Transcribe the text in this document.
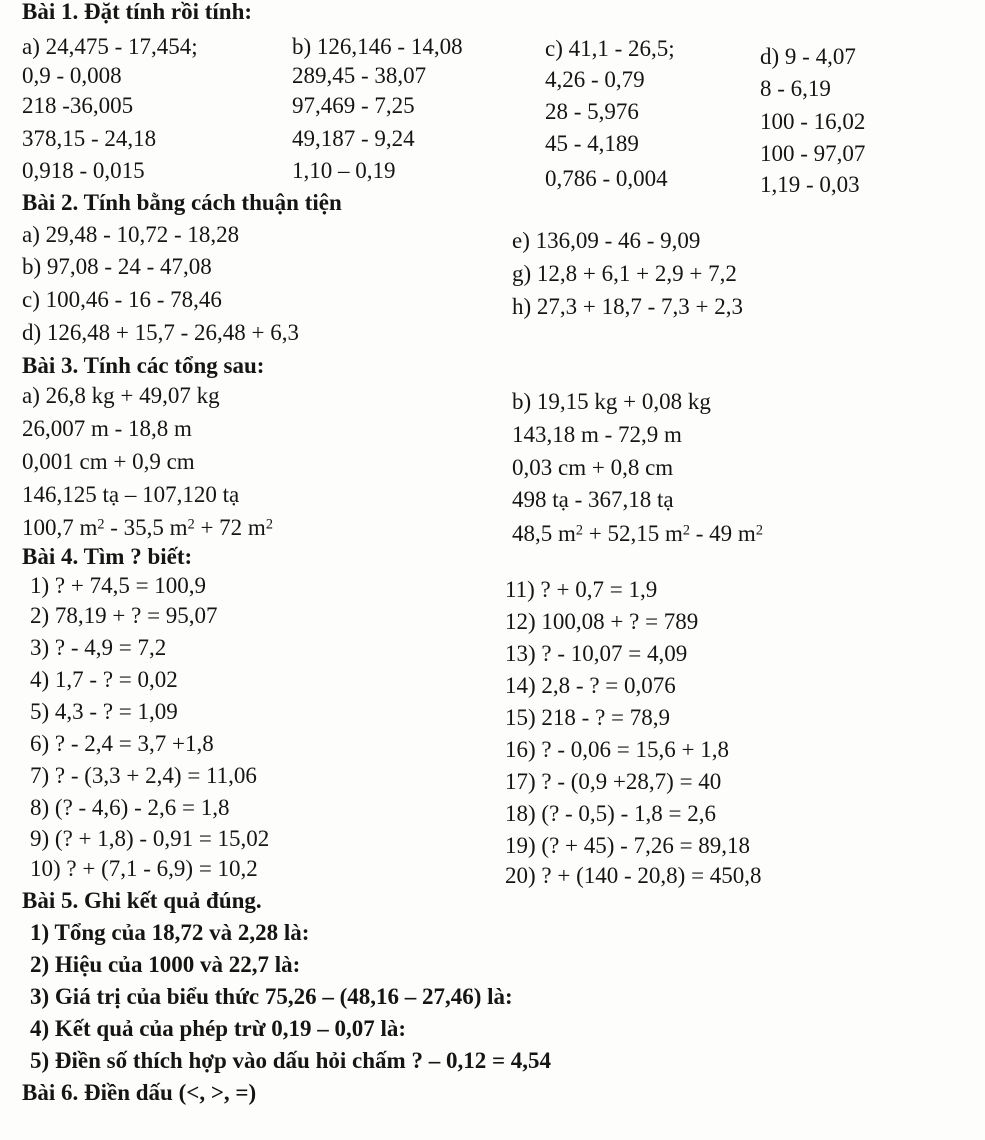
Bài 1. Đặt tính rồi tính:
a) 24,475 - 17,454;
0,9 - 0,008
218 -36,005
378,15 - 24,18
0,918 - 0,015
b) 126,146 - 14,08
289,45 - 38,07
97,469 - 7,25
49,187 - 9,24
1,10 – 0,19
c) 41,1 - 26,5;
4,26 - 0,79
28 - 5,976
45 - 4,189
0,786 - 0,004
d) 9 - 4,07
8 - 6,19
100 - 16,02
100 - 97,07
1,19 - 0,03
Bài 2. Tính bằng cách thuận tiện
a) 29,48 - 10,72 - 18,28
b) 97,08 - 24 - 47,08
c) 100,46 - 16 - 78,46
d) 126,48 + 15,7 - 26,48 + 6,3
e) 136,09 - 46 - 9,09
g) 12,8 + 6,1 + 2,9 + 7,2
h) 27,3 + 18,7 - 7,3 + 2,3
Bài 3. Tính các tổng sau:
a) 26,8 kg + 49,07 kg
26,007 m - 18,8 m
0,001 cm + 0,9 cm
146,125 tạ – 107,120 tạ
100,7 $m^2 - 35,5$ $m^2 + 72$ $m^2$
b) 19,15 kg + 0,08 kg
143,18 m - 72,9 m
0,03 cm + 0,8 cm
498 tạ - 367,18 tạ
48,5 $m^2 + 52,15$ $m^2 - 49$ $m^2$
Bài 4. Tìm ? biết:
1) ? + 74,5 = 100,9
2) 78,19 + ? = 95,07
3) ? - 4,9 = 7,2
4) 1,7 - ? = 0,02
5) 4,3 - ? = 1,09
6) ? - 2,4 = 3,7 +1,8
7) ? - (3,3 + 2,4) = 11,06
8) (? - 4,6) - 2,6 = 1,8
9) (? + 1,8) - 0,91 = 15,02
10) ? + (7,1 - 6,9) = 10,2
11) ? + 0,7 = 1,9
12) 100,08 + ? = 789
13) ? - 10,07 = 4,09
14) 2,8 - ? = 0,076
15) 218 - ? = 78,9
16) ? - 0,06 = 15,6 + 1,8
17) ? - (0,9 +28,7) = 40
18) (? - 0,5) - 1,8 = 2,6
19) (? + 45) - 7,26 = 89,18
20) ? + (140 - 20,8) = 450,8
Bài 5. Ghi kết quả đúng.
1) Tổng của 18,72 và 2,28 là:
2) Hiệu của 1000 và 22,7 là:
3) Giá trị của biểu thức 75,26 – (48,16 – 27,46) là:
4) Kết quả của phép trừ 0,19 – 0,07 là:
5) Điền số thích hợp vào dấu hỏi chấm ? – 0,12 = 4,54
Bài 6. Điền dấu (<, >, =)
